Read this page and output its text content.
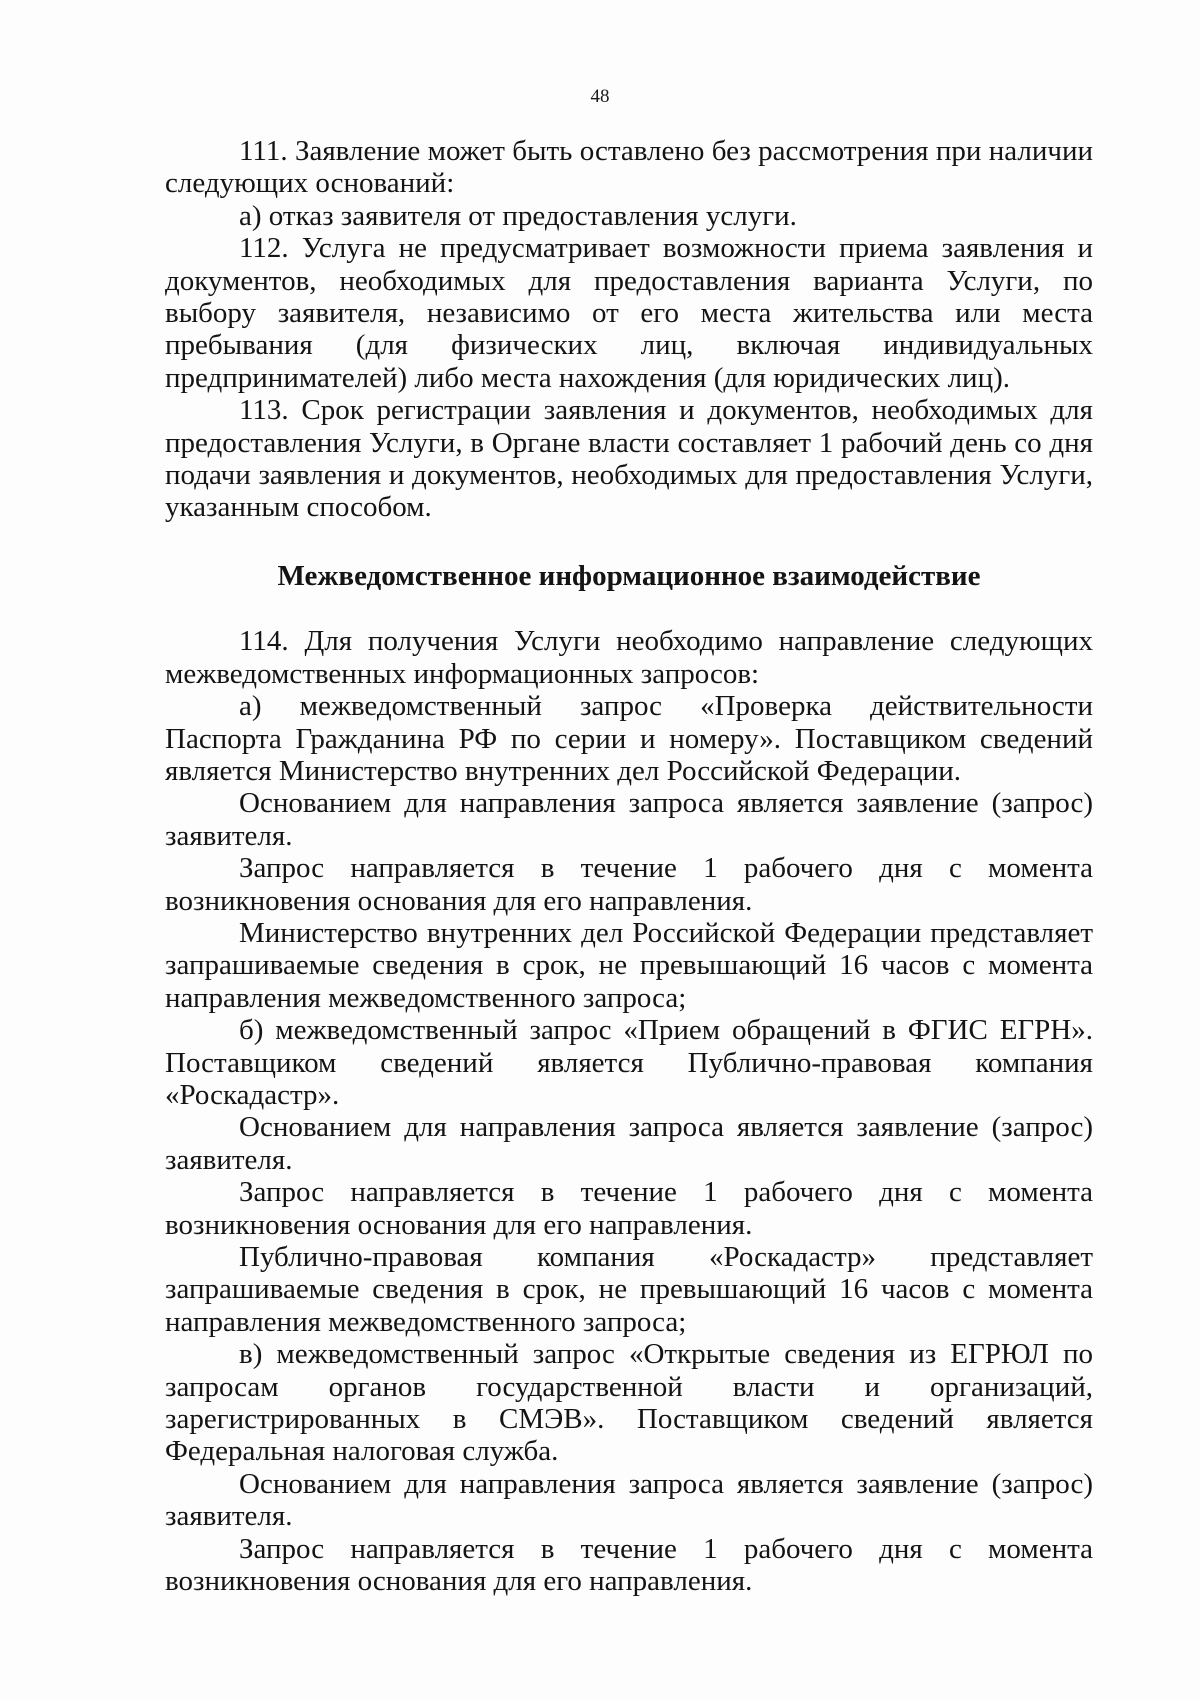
48

111. Заявление может быть оставлено без рассмотрения при наличии следующих оснований:

а) отказ заявителя от предоставления услуги.

112. Услуга не предусматривает возможности приема заявления и документов, необходимых для предоставления варианта Услуги, по выбору заявителя, независимо от его места жительства или места пребывания (для физических лиц, включая индивидуальных предпринимателей) либо места нахождения (для юридических лиц).

113. Срок регистрации заявления и документов, необходимых для предоставления Услуги, в Органе власти составляет 1 рабочий день со дня подачи заявления и документов, необходимых для предоставления Услуги, указанным способом.

Межведомственное информационное взаимодействие

114. Для получения Услуги необходимо направление следующих межведомственных информационных запросов:

а) межведомственный запрос «Проверка действительности Паспорта Гражданина РФ по серии и номеру». Поставщиком сведений является Министерство внутренних дел Российской Федерации.

Основанием для направления запроса является заявление (запрос) заявителя.

Запрос направляется в течение 1 рабочего дня с момента возникновения основания для его направления.

Министерство внутренних дел Российской Федерации представляет запрашиваемые сведения в срок, не превышающий 16 часов с момента направления межведомственного запроса;

б) межведомственный запрос «Прием обращений в ФГИС ЕГРН». Поставщиком сведений является Публично-правовая компания «Роскадастр».

Основанием для направления запроса является заявление (запрос) заявителя.

Запрос направляется в течение 1 рабочего дня с момента возникновения основания для его направления.

Публично-правовая компания «Роскадастр» представляет запрашиваемые сведения в срок, не превышающий 16 часов с момента направления межведомственного запроса;

в) межведомственный запрос «Открытые сведения из ЕГРЮЛ по запросам органов государственной власти и организаций, зарегистрированных в СМЭВ». Поставщиком сведений является Федеральная налоговая служба.

Основанием для направления запроса является заявление (запрос) заявителя.

Запрос направляется в течение 1 рабочего дня с момента возникновения основания для его направления.
